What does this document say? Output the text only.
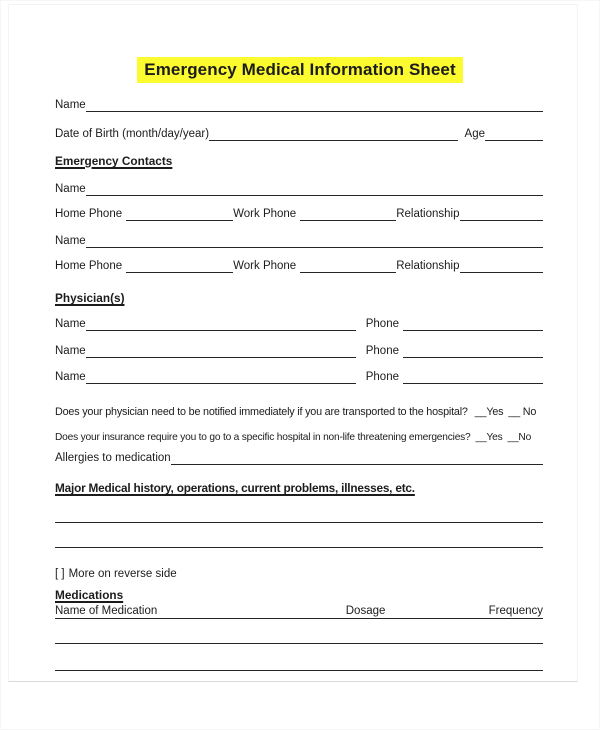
Emergency Medical Information Sheet
Name
Date of Birth (month/day/year)	Age
Emergency Contacts
Name
Home Phone	Work Phone	Relationship
Name
Home Phone	Work Phone	Relationship
Physician(s)
Name	Phone
Name	Phone
Name	Phone
Does your physician need to be notified immediately if you are transported to the hospital? __Yes __ No
Does your insurance require you to go to a specific hospital in non-life threatening emergencies? __Yes __No
Allergies to medication
Major Medical history, operations, current problems, illnesses, etc.
[ ] More on reverse side
Medications
Name of Medication	Dosage	Frequency
